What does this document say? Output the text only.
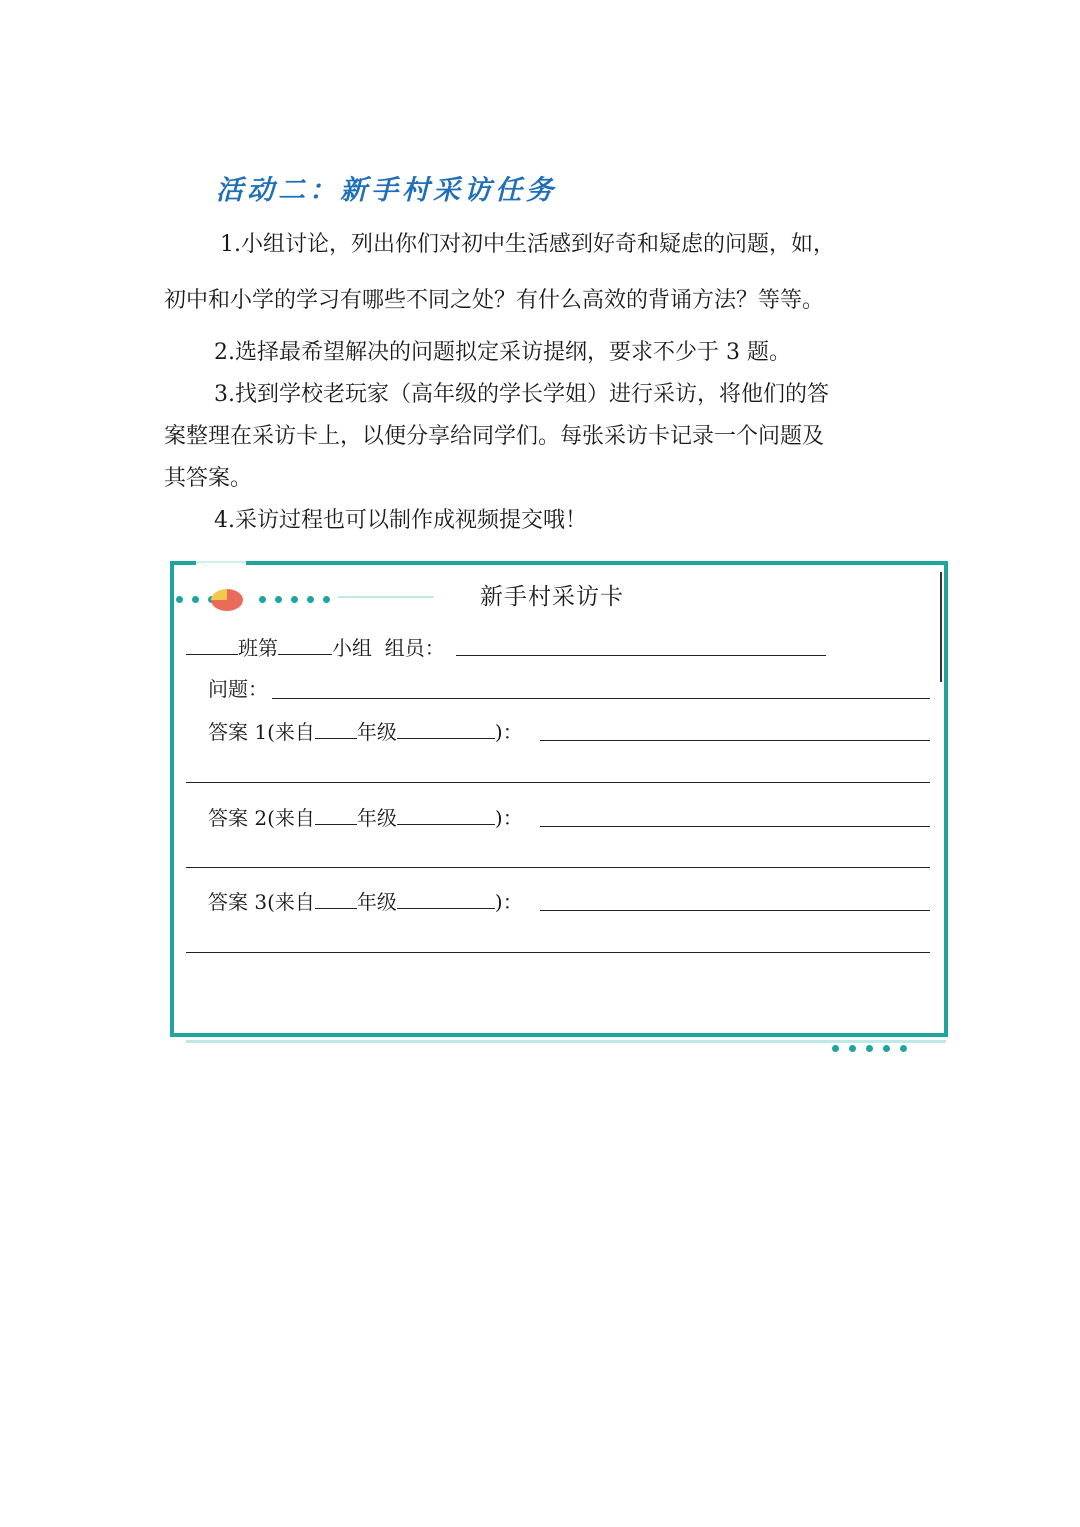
活动二：新手村采访任务
1.小组讨论，列出你们对初中生活感到好奇和疑虑的问题，如，
初中和小学的学习有哪些不同之处？有什么高效的背诵方法？等等。
2.选择最希望解决的问题拟定采访提纲，要求不少于 3 题。
3.找到学校老玩家（高年级的学长学姐）进行采访，将他们的答
案整理在采访卡上，以便分享给同学们。每张采访卡记录一个问题及
其答案。
4.采访过程也可以制作成视频提交哦！
新手村采访卡
班第	小组 组员：
问题：
答案 1(来自 年级	)：
答案 2(来自 年级	)：
答案 3(来自 年级	)：
